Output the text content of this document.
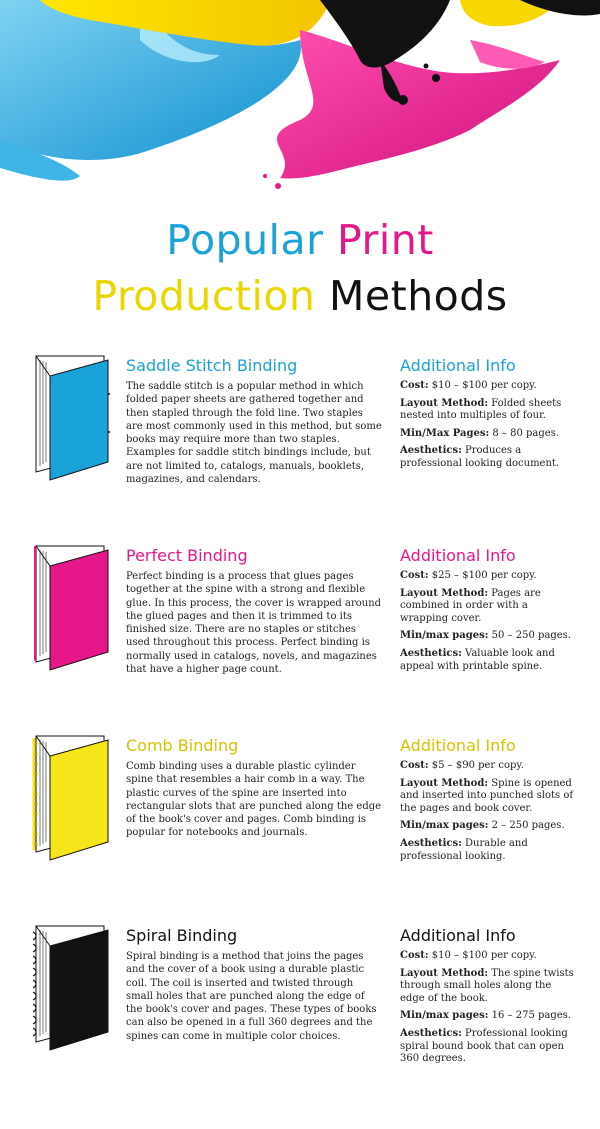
Popular Print
Production Methods
Saddle Stitch Binding
The saddle stitch is a popular method in which folded paper sheets are gathered together and then stapled through the fold line. Two staples are most commonly used in this method, but some books may require more than two staples. Examples for saddle stitch bindings include, but are not limited to, catalogs, manuals, booklets, magazines, and calendars.
Additional Info

Cost: $10 – $100 per copy.

Layout Method: Folded sheets nested into multiples of four.

Min/Max Pages: 8 – 80 pages.

Aesthetics: Produces a professional looking document.

Perfect Binding
Perfect binding is a process that glues pages together at the spine with a strong and flexible glue. In this process, the cover is wrapped around the glued pages and then it is trimmed to its finished size. There are no staples or stitches used throughout this process. Perfect binding is normally used in catalogs, novels, and magazines that have a higher page count.
Additional Info

Cost: $25 – $100 per copy.

Layout Method: Pages are combined in order with a wrapping cover.

Min/max pages: 50 – 250 pages.

Aesthetics: Valuable look and appeal with printable spine.

Comb Binding
Comb binding uses a durable plastic cylinder spine that resembles a hair comb in a way. The plastic curves of the spine are inserted into rectangular slots that are punched along the edge of the book's cover and pages. Comb binding is popular for notebooks and journals.
Additional Info

Cost: $5 – $90 per copy.

Layout Method: Spine is opened and inserted into punched slots of the pages and book cover.

Min/max pages: 2 – 250 pages.

Aesthetics: Durable and professional looking.

Spiral Binding
Spiral binding is a method that joins the pages and the cover of a book using a durable plastic coil. The coil is inserted and twisted through small holes that are punched along the edge of the book's cover and pages. These types of books can also be opened in a full 360 degrees and the spines can come in multiple color choices.
Additional Info

Cost: $10 – $100 per copy.

Layout Method: The spine twists through small holes along the edge of the book.

Min/max pages: 16 – 275 pages.

Aesthetics: Professional looking spiral bound book that can open 360 degrees.
